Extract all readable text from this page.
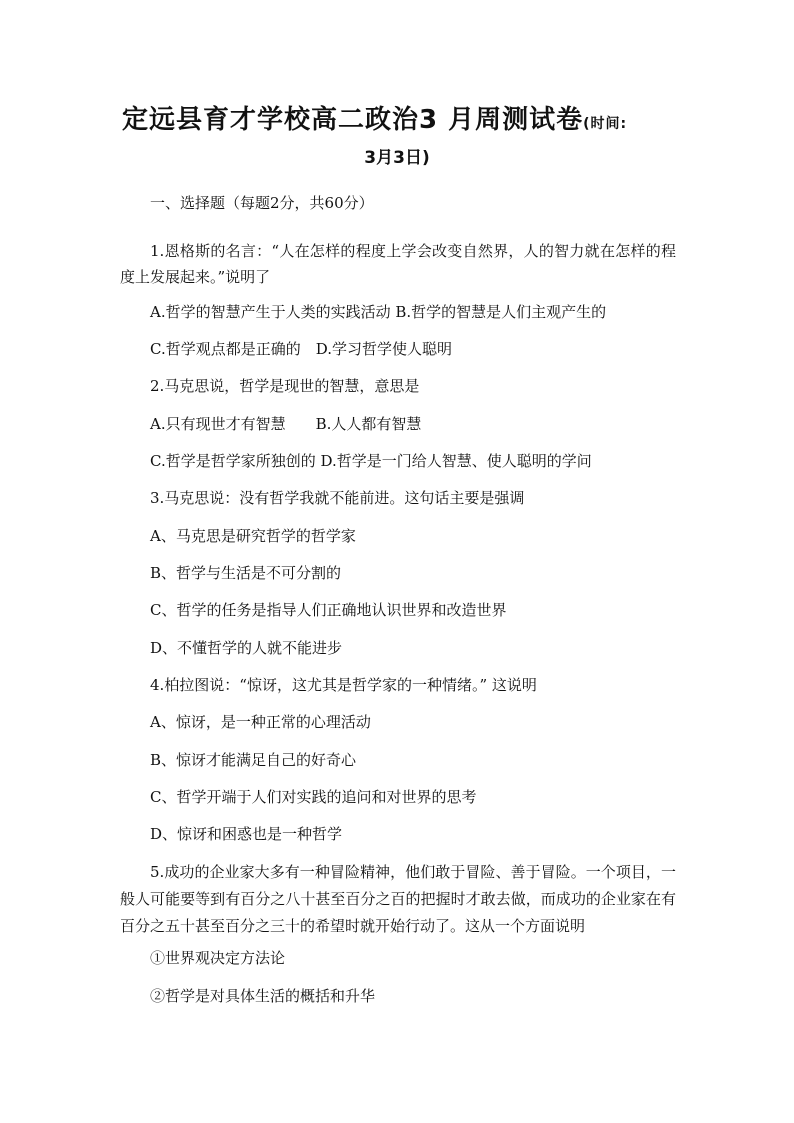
定远县育才学校高二政治3 月周测试卷(时间:
3月3日)
一、选择题（每题2分，共60分）
1.恩格斯的名言：“人在怎样的程度上学会改变自然界，人的智力就在怎样的程度上发展起来。”说明了
A.哲学的智慧产生于人类的实践活动 B.哲学的智慧是人们主观产生的
C.哲学观点都是正确的　D.学习哲学使人聪明
2.马克思说，哲学是现世的智慧，意思是
A.只有现世才有智慧　　B.人人都有智慧
C.哲学是哲学家所独创的 D.哲学是一门给人智慧、使人聪明的学问
3.马克思说：没有哲学我就不能前进。这句话主要是强调
A、马克思是研究哲学的哲学家
B、哲学与生活是不可分割的
C、哲学的任务是指导人们正确地认识世界和改造世界
D、不懂哲学的人就不能进步
4.柏拉图说：“惊讶，这尤其是哲学家的一种情绪。” 这说明
A、惊讶，是一种正常的心理活动
B、惊讶才能满足自己的好奇心
C、哲学开端于人们对实践的追问和对世界的思考
D、惊讶和困惑也是一种哲学
5.成功的企业家大多有一种冒险精神，他们敢于冒险、善于冒险。一个项目，一般人可能要等到有百分之八十甚至百分之百的把握时才敢去做，而成功的企业家在有百分之五十甚至百分之三十的希望时就开始行动了。这从一个方面说明
①世界观决定方法论
②哲学是对具体生活的概括和升华
